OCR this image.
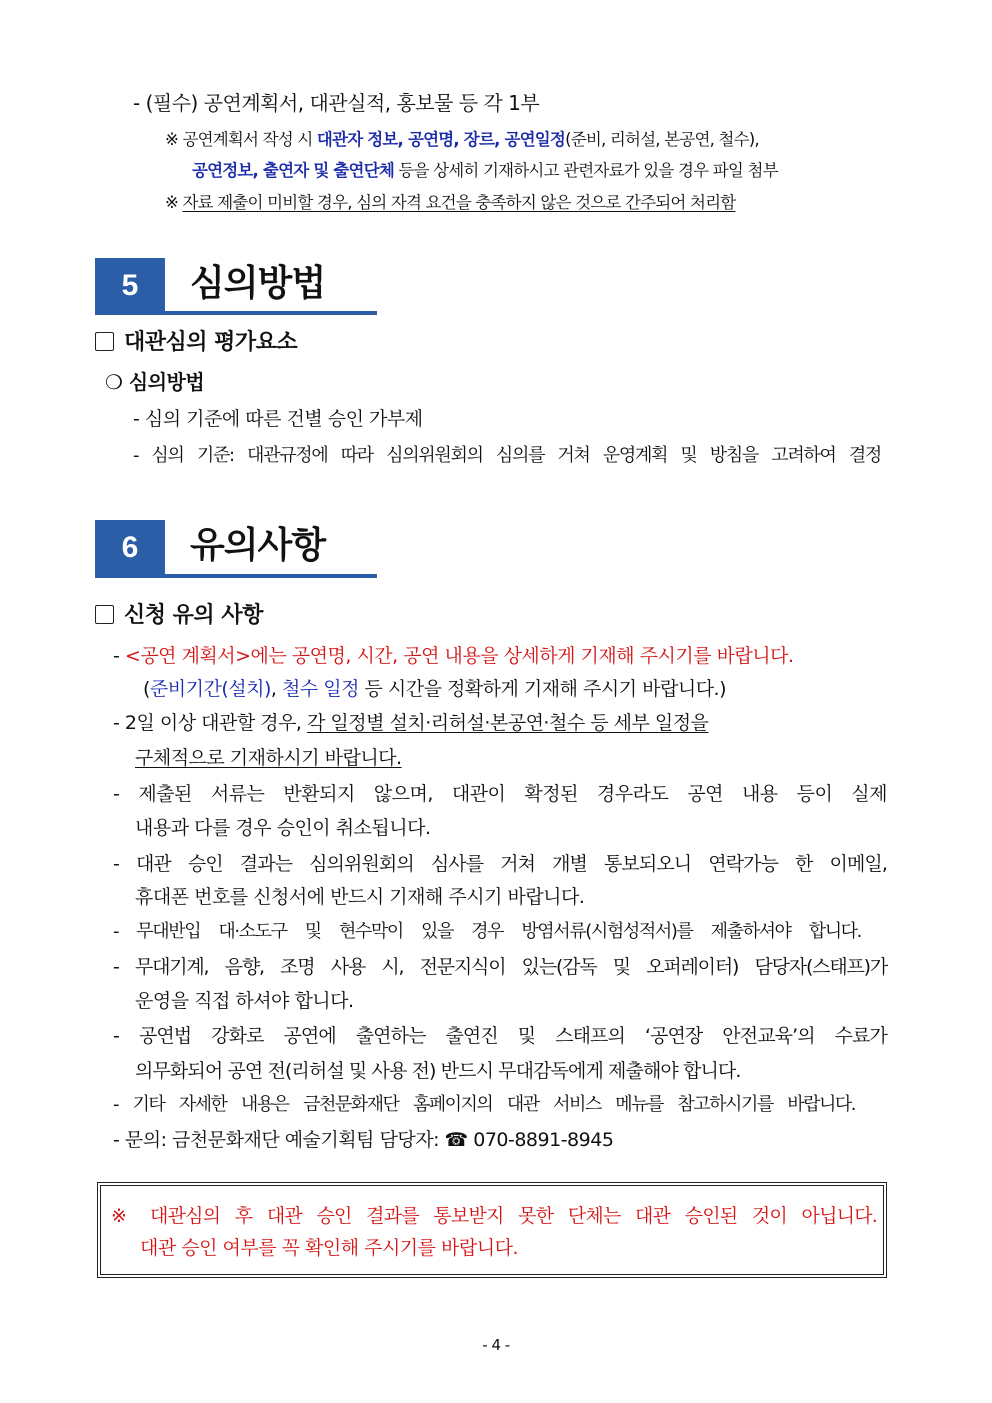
- (필수) 공연계획서, 대관실적, 홍보물 등 각 1부
※ 공연계획서 작성 시 대관자 정보, 공연명, 장르, 공연일정(준비, 리허설, 본공연, 철수),
공연정보, 출연자 및 출연단체 등을 상세히 기재하시고 관련자료가 있을 경우 파일 첨부
※ 자료 제출이 미비할 경우, 심의 자격 요건을 충족하지 않은 것으로 간주되어 처리함
5	심의방법
대관심의 평가요소
❍ 심의방법
- 심의 기준에 따른 건별 승인 가부제
- 심의 기준: 대관규정에 따라 심의위원회의 심의를 거쳐 운영계획 및 방침을 고려하여 결정
6	유의사항
신청 유의 사항
- <공연 계획서>에는 공연명, 시간, 공연 내용을 상세하게 기재해 주시기를 바랍니다.
(준비기간(설치), 철수 일정 등 시간을 정확하게 기재해 주시기 바랍니다.)
- 2일 이상 대관할 경우, 각 일정별 설치·리허설·본공연·철수 등 세부 일정을
구체적으로 기재하시기 바랍니다.
- 제출된 서류는 반환되지 않으며, 대관이 확정된 경우라도 공연 내용 등이 실제
내용과 다를 경우 승인이 취소됩니다.
- 대관 승인 결과는 심의위원회의 심사를 거쳐 개별 통보되오니 연락가능 한 이메일,
휴대폰 번호를 신청서에 반드시 기재해 주시기 바랍니다.
- 무대반입 대·소도구 및 현수막이 있을 경우 방염서류(시험성적서)를 제출하셔야 합니다.
- 무대기계, 음향, 조명 사용 시, 전문지식이 있는(감독 및 오퍼레이터) 담당자(스태프)가
운영을 직접 하셔야 합니다.
- 공연법 강화로 공연에 출연하는 출연진 및 스태프의 ‘공연장 안전교육’의 수료가
의무화되어 공연 전(리허설 및 사용 전) 반드시 무대감독에게 제출해야 합니다.
- 기타 자세한 내용은 금천문화재단 홈페이지의 대관 서비스 메뉴를 참고하시기를 바랍니다.
- 문의: 금천문화재단 예술기획팀 담당자: ☎ 070-8891-8945
※ 대관심의 후 대관 승인 결과를 통보받지 못한 단체는 대관 승인된 것이 아닙니다.
대관 승인 여부를 꼭 확인해 주시기를 바랍니다.
- 4 -
